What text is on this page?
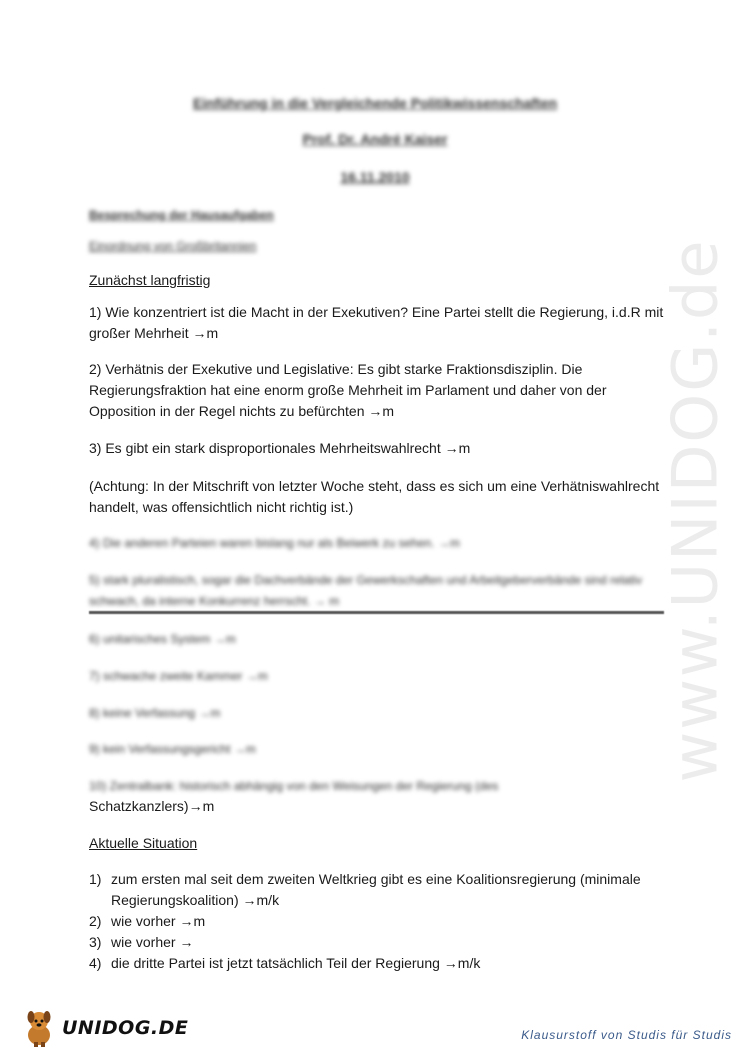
Einführung in die Vergleichende Politikwissenschaften
Prof. Dr. André Kaiser
16.11.2010
Besprechung der Hausaufgaben
Einordnung von Großbritannien
Zunächst langfristig
1) Wie konzentriert ist die Macht in der Exekutiven? Eine Partei stellt die Regierung, i.d.R mit großer Mehrheit →m
2) Verhätnis der Exekutive und Legislative: Es gibt starke Fraktionsdisziplin. Die Regierungsfraktion hat eine enorm große Mehrheit im Parlament und daher von der Opposition in der Regel nichts zu befürchten →m
3) Es gibt ein stark disproportionales Mehrheitswahlrecht →m
(Achtung: In der Mitschrift von letzter Woche steht, dass es sich um eine Verhätniswahlrecht handelt, was offensichtlich nicht richtig ist.)
4) Die anderen Parteien waren bislang nur als Beiwerk zu sehen. →m
5) stark pluralistisch, sogar die Dachverbände der Gewerkschaften und Arbeitgeberverbände sind relativ schwach, da interne Konkurrenz herrscht. → m
6) unitarisches System →m
7) schwache zweite Kammer →m
8) keine Verfassung →m
9) kein Verfassungsgericht →m
10) Zentralbank: historisch abhängig von den Weisungen der Regierung (des
Schatzkanzlers)→m
Aktuelle Situation
1) zum ersten mal seit dem zweiten Weltkrieg gibt es eine Koalitionsregierung (minimale Regierungskoalition) →m/k
2) wie vorher →m
3) wie vorher →
4) die dritte Partei ist jetzt tatsächlich Teil der Regierung →m/k
www.UNIDOG.de
UNIDOG.DE	Klausurstoff von Studis für Studis
